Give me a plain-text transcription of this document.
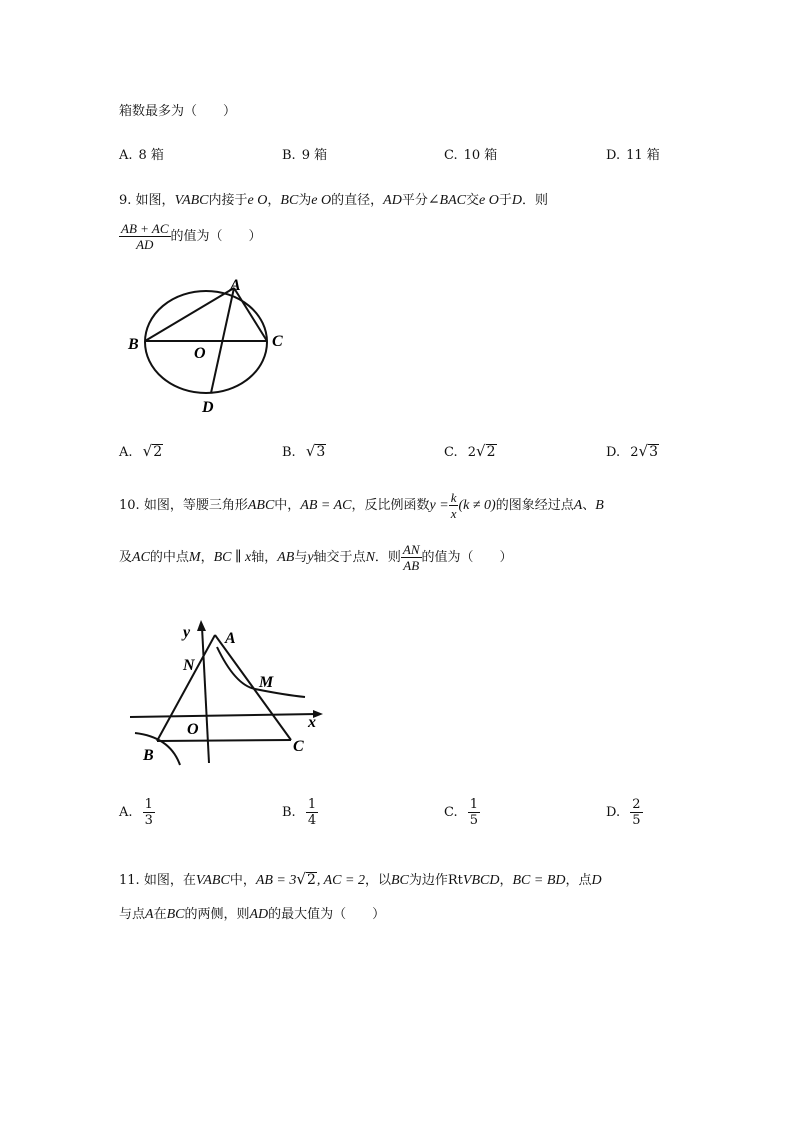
箱数最多为（　　）
A. 8 箱	B. 9 箱	C. 10 箱	D. 11 箱
9. 如图，VABC内接于e O，BC为e O的直径，AD平分∠BAC交e O于D．则
$\frac{AB + AC}{AD}$ 的值为（　　）
A
B	C
O
D
A. √2	B. √3	C. 2√2	D. 2√3
10. 如图，等腰三角形ABC中，AB = AC，反比例函数$y = \frac{k}{x} (k \ne 0)$的图象经过点A、B
及AC的中点M，BC ∥ x轴，AB与y轴交于点N．则 $\frac{AN}{AB}$ 的值为（　　）
y A
N
M
O	x
B
C
A. $\frac{1}{3}$	B. $\frac{1}{4}$	C. $\frac{1}{5}$	D. $\frac{2}{5}$
11. 如图，在VABC中，AB = 3√2, AC = 2，以BC为边作RtVBCD，BC = BD，点D
与点A在BC的两侧，则AD的最大值为（　　）
